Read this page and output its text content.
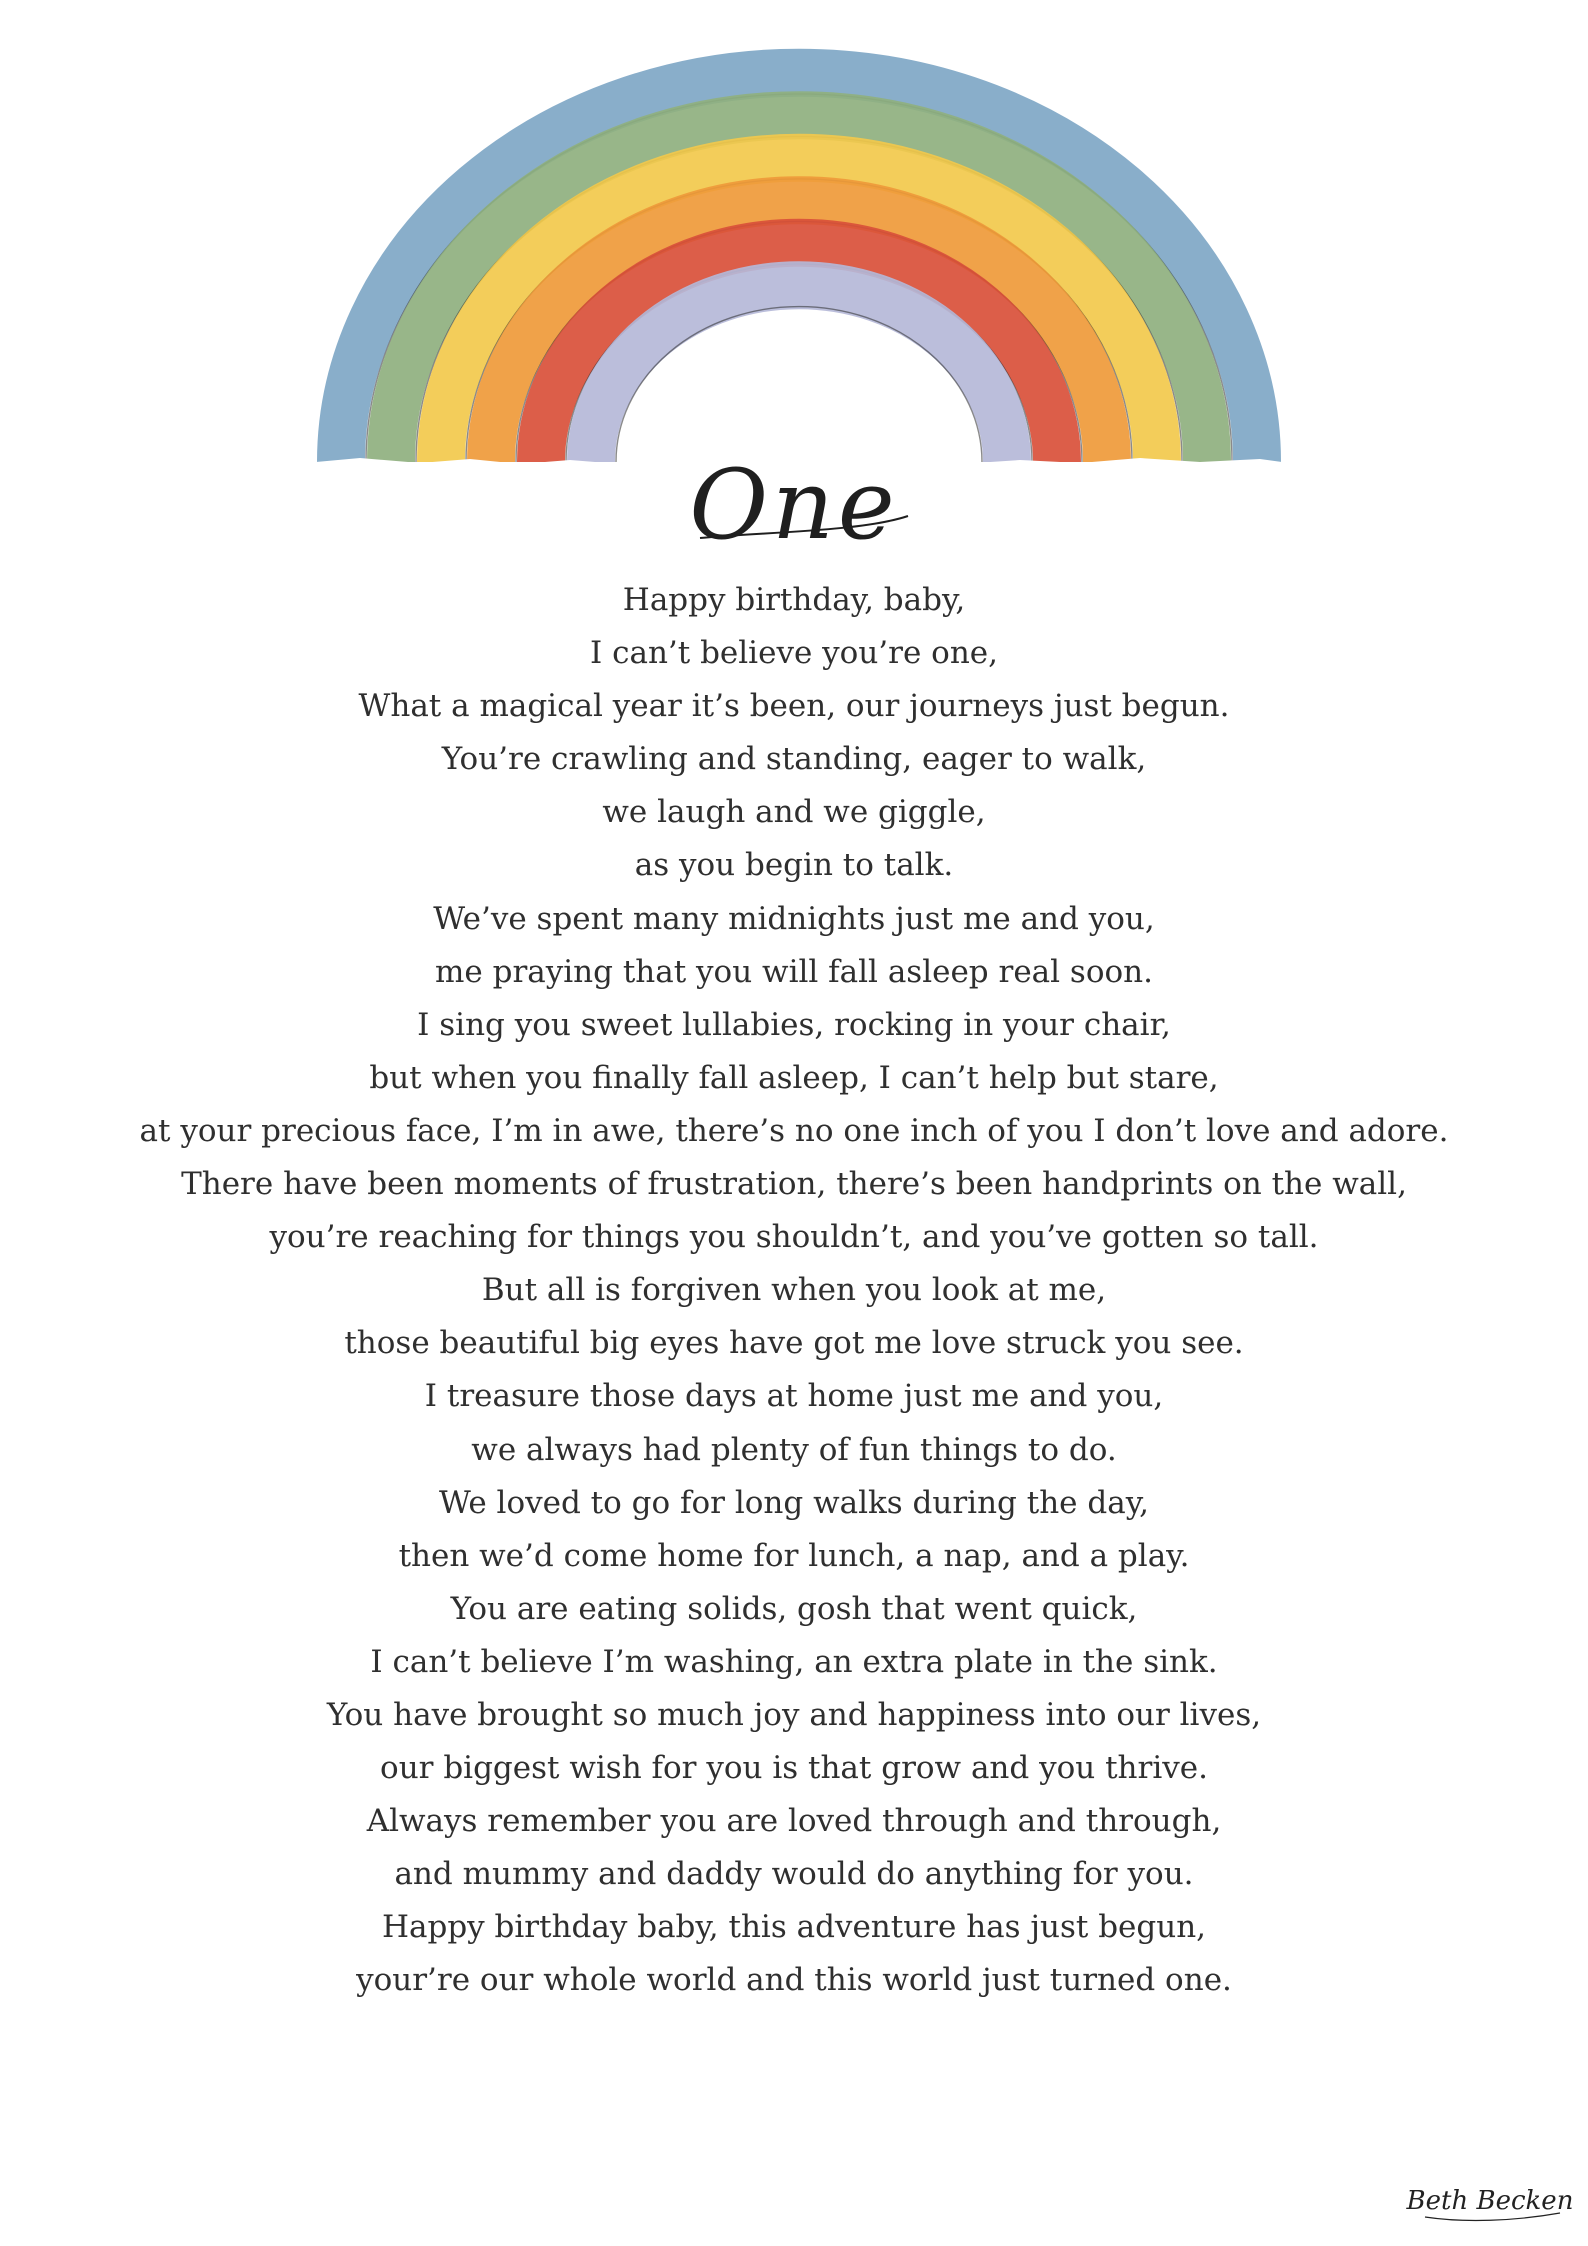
One
Happy birthday, baby,
I can’t believe you’re one,
What a magical year it’s been, our journeys just begun.
You’re crawling and standing, eager to walk,
we laugh and we giggle,
as you begin to talk.
We’ve spent many midnights just me and you,
me praying that you will fall asleep real soon.
I sing you sweet lullabies, rocking in your chair,
but when you finally fall asleep, I can’t help but stare,
at your precious face, I’m in awe, there’s no one inch of you I don’t love and adore.
There have been moments of frustration, there’s been handprints on the wall,
you’re reaching for things you shouldn’t, and you’ve gotten so tall.
But all is forgiven when you look at me,
those beautiful big eyes have got me love struck you see.
I treasure those days at home just me and you,
we always had plenty of fun things to do.
We loved to go for long walks during the day,
then we’d come home for lunch, a nap, and a play.
You are eating solids, gosh that went quick,
I can’t believe I’m washing, an extra plate in the sink.
You have brought so much joy and happiness into our lives,
our biggest wish for you is that grow and you thrive.
Always remember you are loved through and through,
and mummy and daddy would do anything for you.
Happy birthday baby, this adventure has just begun,
your’re our whole world and this world just turned one.
Beth Becken
